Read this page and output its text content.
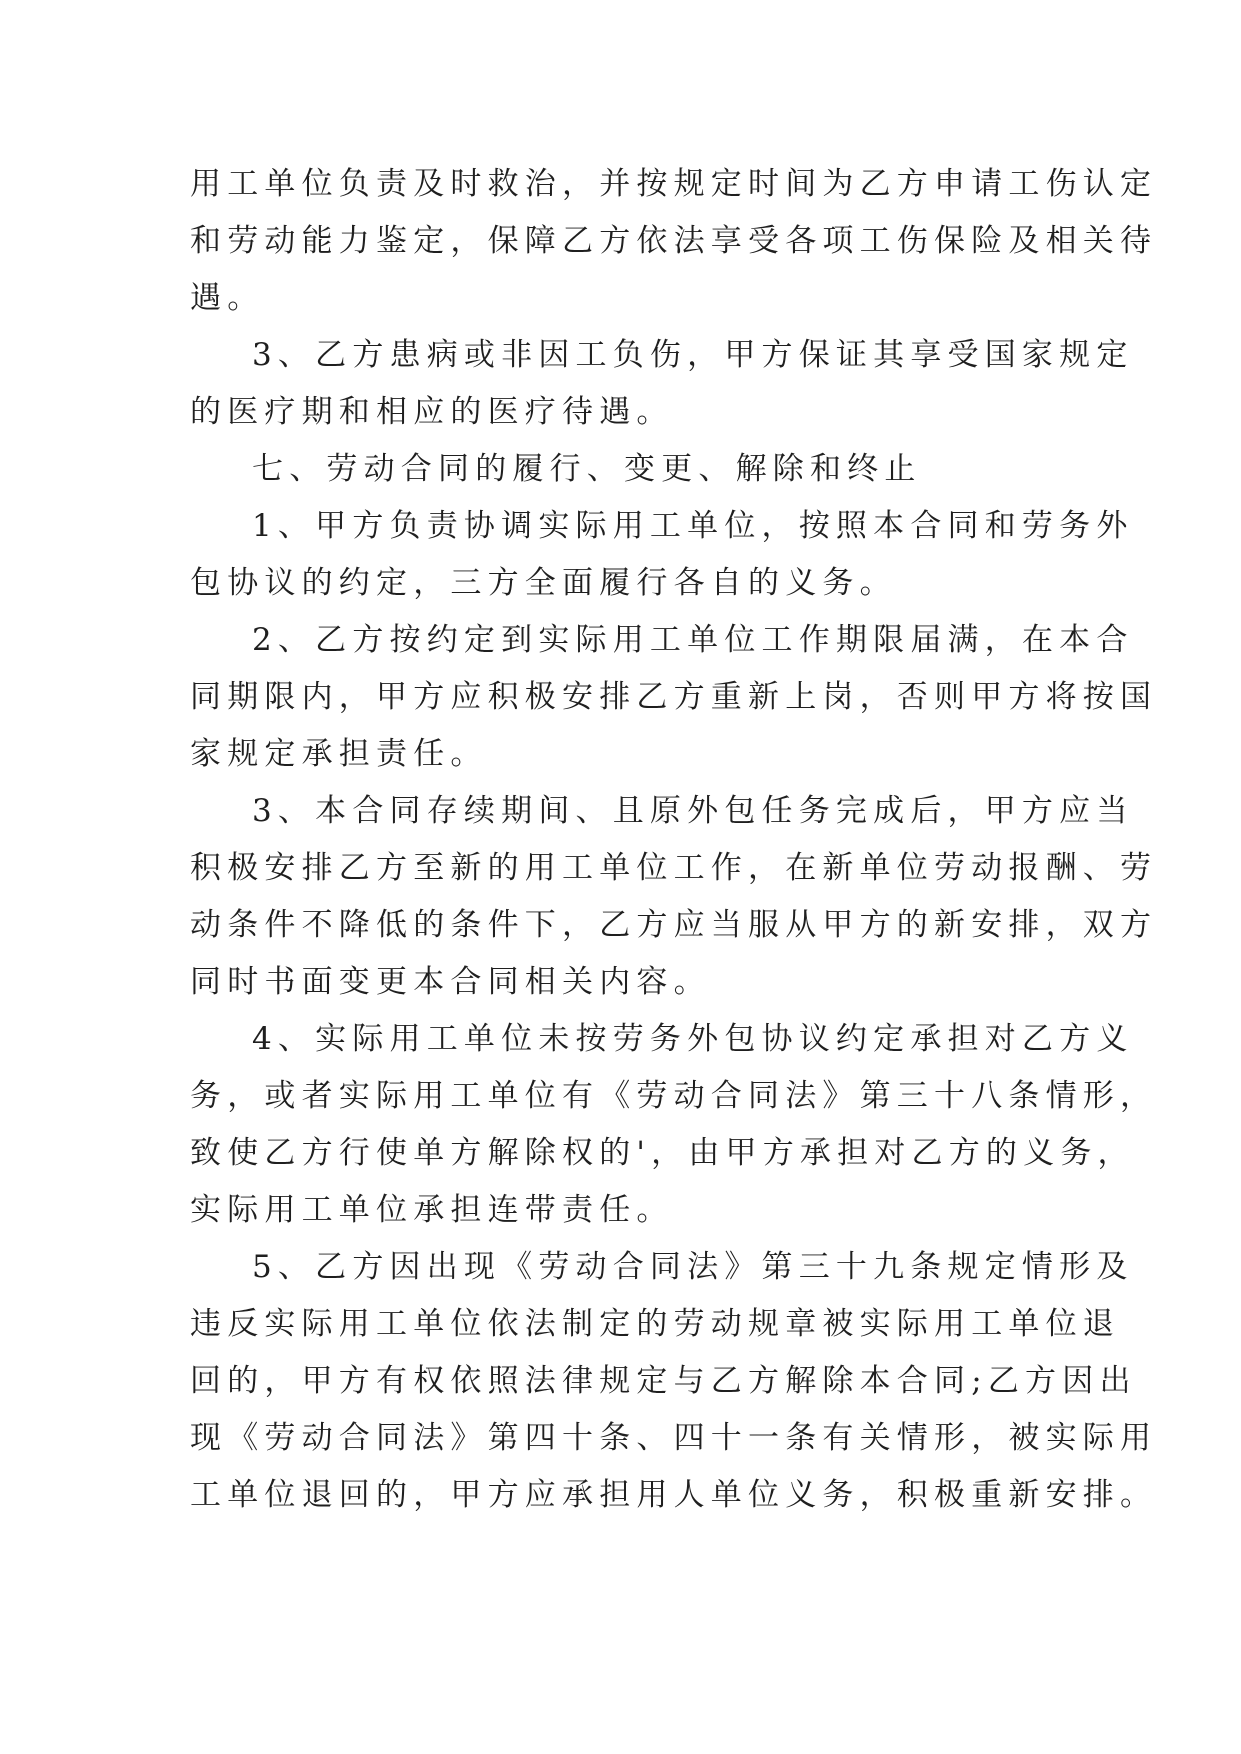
用工单位负责及时救治，并按规定时间为乙方申请工伤认定
和劳动能力鉴定，保障乙方依法享受各项工伤保险及相关待
遇。
3、乙方患病或非因工负伤，甲方保证其享受国家规定
的医疗期和相应的医疗待遇。
七、劳动合同的履行、变更、解除和终止
1、甲方负责协调实际用工单位，按照本合同和劳务外
包协议的约定，三方全面履行各自的义务。
2、乙方按约定到实际用工单位工作期限届满，在本合
同期限内，甲方应积极安排乙方重新上岗，否则甲方将按国
家规定承担责任。
3、本合同存续期间、且原外包任务完成后，甲方应当
积极安排乙方至新的用工单位工作，在新单位劳动报酬、劳
动条件不降低的条件下，乙方应当服从甲方的新安排，双方
同时书面变更本合同相关内容。
4、实际用工单位未按劳务外包协议约定承担对乙方义
务，或者实际用工单位有《劳动合同法》第三十八条情形，
致使乙方行使单方解除权的'，由甲方承担对乙方的义务，
实际用工单位承担连带责任。
5、乙方因出现《劳动合同法》第三十九条规定情形及
违反实际用工单位依法制定的劳动规章被实际用工单位退
回的，甲方有权依照法律规定与乙方解除本合同;乙方因出
现《劳动合同法》第四十条、四十一条有关情形，被实际用
工单位退回的，甲方应承担用人单位义务，积极重新安排。
